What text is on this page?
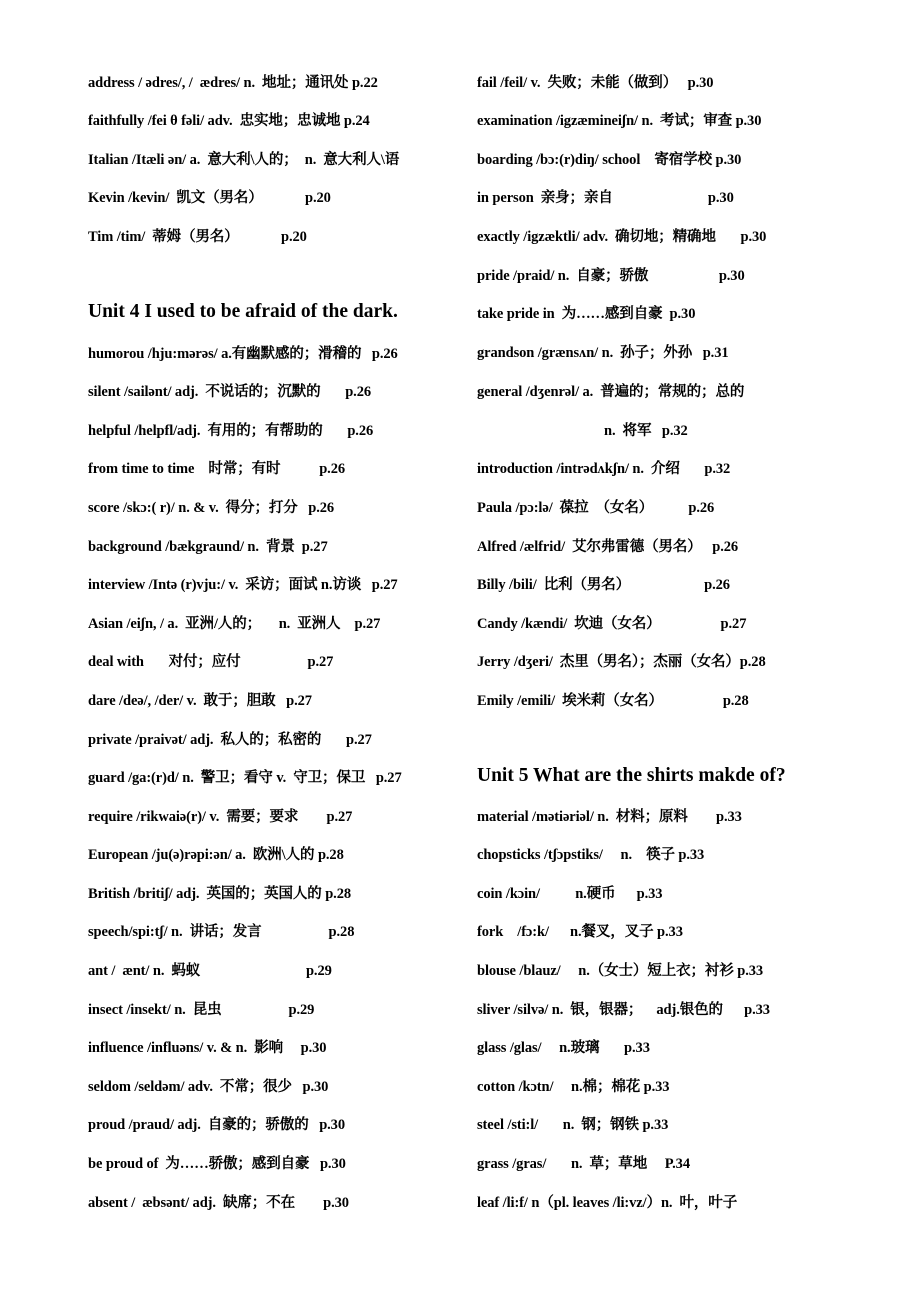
address / ədres/, /  ædres/ n.  地址；通讯处 p.22
faithfully /fei θ fəli/ adv.  忠实地；忠诚地 p.24
Italian /Itæli ən/ a.  意大利\人的；  n.  意大利人\语
Kevin /kevin/  凯文（男名）            p.20
Tim /tim/  蒂姆（男名）            p.20
Unit 4 I used to be afraid of the dark.
humorou /hju:mərəs/ a.有幽默感的；滑稽的   p.26
silent /sailənt/ adj.  不说话的；沉默的       p.26
helpful /helpfl/adj.  有用的；有帮助的       p.26
from time to time    时常；有时           p.26
score /skɔ:( r)/ n. & v.  得分；打分   p.26
background /bækgraund/ n.  背景  p.27
interview /Intə (r)vju:/ v.  采访；面试 n.访谈   p.27
Asian /eiʃn, / a.  亚洲/人的；     n.  亚洲人    p.27
deal with       对付；应付                   p.27
dare /deə/, /der/ v.  敢于；胆敢   p.27
private /praivət/ adj.  私人的；私密的       p.27
guard /ga:(r)d/ n.  警卫；看守 v.  守卫；保卫   p.27
require /rikwaiə(r)/ v.  需要；要求        p.27
European /ju(ə)rəpi:ən/ a.  欧洲\人的 p.28
British /britiʃ/ adj.  英国的；英国人的 p.28
speech/spi:tʃ/ n.  讲话；发言                   p.28
ant /  ænt/ n.  蚂蚁                              p.29
insect /insekt/ n.  昆虫                   p.29
influence /influəns/ v. & n.  影响     p.30
seldom /seldəm/ adv.  不常；很少   p.30
proud /praud/ adj.  自豪的；骄傲的   p.30
be proud of  为……骄傲；感到自豪   p.30
absent /  æbsənt/ adj.  缺席；不在        p.30
fail /feil/ v.  失败；未能（做到）   p.30
examination /igzæmineiʃn/ n.  考试；审查 p.30
boarding /bɔ:(r)diŋ/ school    寄宿学校 p.30
in person  亲身；亲自                           p.30
exactly /igzæktli/ adv.  确切地；精确地       p.30
pride /praid/ n.  自豪；骄傲                    p.30
take pride in  为……感到自豪  p.30
grandson /grænsʌn/ n.  孙子；外孙   p.31
general /dʒenrəl/ a.  普遍的；常规的；总的
n.  将军   p.32
introduction /intrədʌkʃn/ n.  介绍       p.32
Paula /pɔ:lə/  葆拉  （女名）          p.26
Alfred /ælfrid/  艾尔弗雷德（男名）   p.26
Billy /bili/  比利（男名）                     p.26
Candy /kændi/  坎迪（女名）                 p.27
Jerry /dʒeri/  杰里（男名）；杰丽（女名）p.28
Emily /emili/  埃米莉（女名）                 p.28
Unit 5 What are the shirts makde of?
material /mətiəriəl/ n.  材料；原料        p.33
chopsticks /tʃɔpstiks/     n.    筷子 p.33
coin /kɔin/          n.硬币      p.33
fork    /fɔ:k/      n.餐叉，叉子 p.33
blouse /blauz/     n.（女士）短上衣；衬衫 p.33
sliver /silvə/ n.  银，银器；    adj.银色的      p.33
glass /glas/     n.玻璃       p.33
cotton /kɔtn/     n.棉；棉花 p.33
steel /sti:l/       n.  钢；钢铁 p.33
grass /gras/       n.  草；草地     P.34
leaf /li:f/ n（pl. leaves /li:vz/）n.  叶，叶子
